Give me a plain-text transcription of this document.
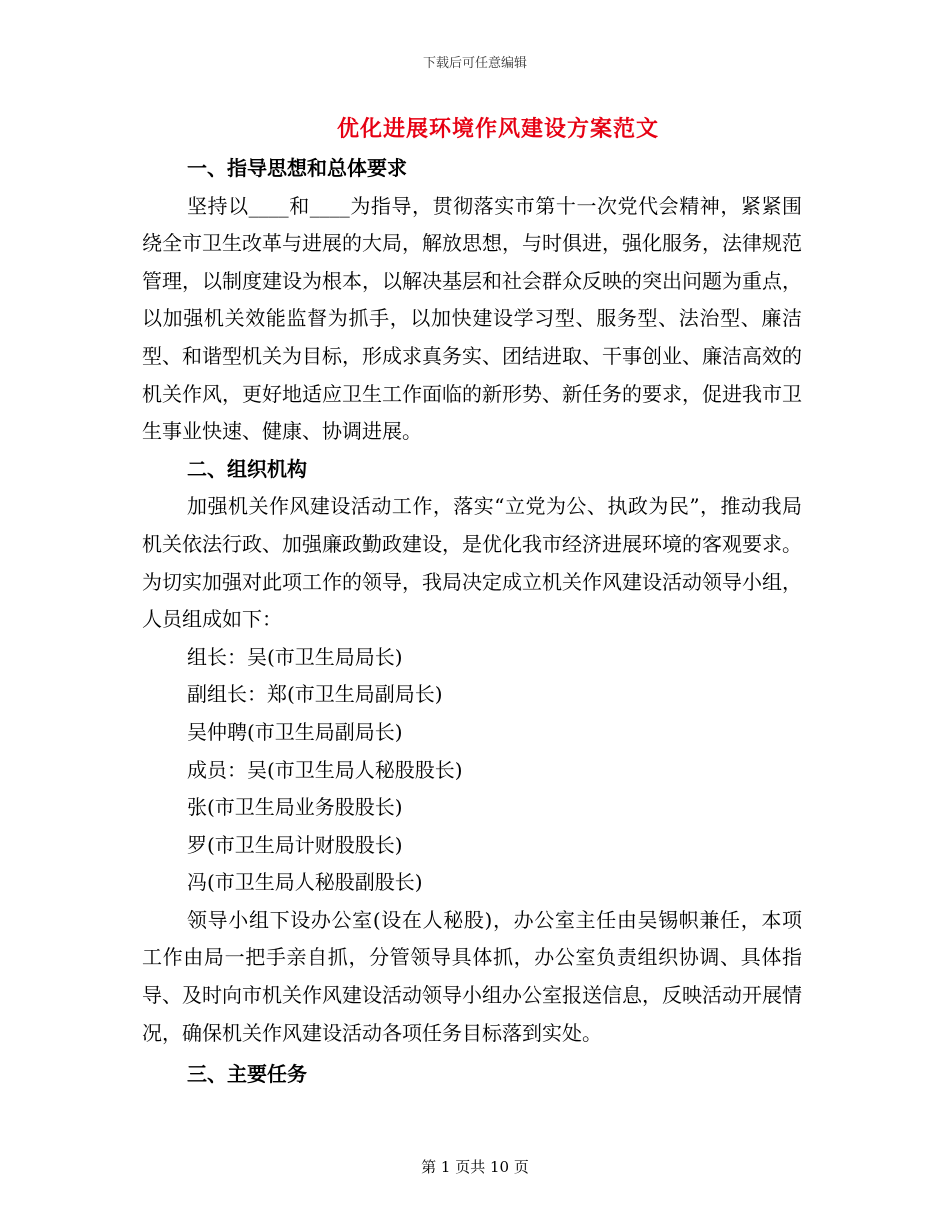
下载后可任意编辑
优化进展环境作风建设方案范文

一、指导思想和总体要求

坚持以____和____为指导，贯彻落实市第十一次党代会精神，紧紧围绕全市卫生改革与进展的大局，解放思想，与时俱进，强化服务，法律规范管理，以制度建设为根本，以解决基层和社会群众反映的突出问题为重点，以加强机关效能监督为抓手，以加快建设学习型、服务型、法治型、廉洁型、和谐型机关为目标，形成求真务实、团结进取、干事创业、廉洁高效的机关作风，更好地适应卫生工作面临的新形势、新任务的要求，促进我市卫生事业快速、健康、协调进展。

二、组织机构

加强机关作风建设活动工作，落实“立党为公、执政为民”，推动我局机关依法行政、加强廉政勤政建设，是优化我市经济进展环境的客观要求。为切实加强对此项工作的领导，我局决定成立机关作风建设活动领导小组，人员组成如下：

组长：吴(市卫生局局长)

副组长：郑(市卫生局副局长)

吴仲聘(市卫生局副局长)

成员：吴(市卫生局人秘股股长)

张(市卫生局业务股股长)

罗(市卫生局计财股股长)

冯(市卫生局人秘股副股长)

领导小组下设办公室(设在人秘股)，办公室主任由吴锡帜兼任，本项工作由局一把手亲自抓，分管领导具体抓，办公室负责组织协调、具体指导、及时向市机关作风建设活动领导小组办公室报送信息，反映活动开展情况，确保机关作风建设活动各项任务目标落到实处。

三、主要任务

第 1 页共 10 页
